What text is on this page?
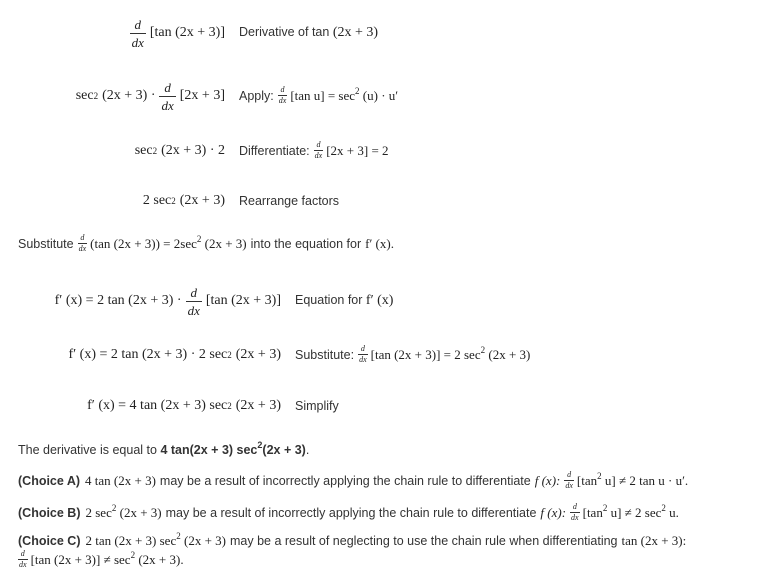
d
dx
[tan (2x + 3)] Derivative of tan (2x + 3)
sec 2 (2x + 3) ·
d
dx
[2x + 3] Apply: d
dx [tan $u] = \sec^2 (u) \cdot u'$
sec 2 (2x + 3) · 2 Differentiate: d
dx [2x + 3] = 2
2 sec 2 (2x + 3) Rearrange factors
Substitute d
dx (tan $(2x + 3)) = 2\sec^2$ (2x + 3) into the equation for f′ (x).
f′ (x) = 2 tan (2x + 3) ·
d
dx
[tan (2x + 3)] Equation for f′ (x)
f′ (x) = 2 tan (2x + 3) · 2 sec 2 (2x + 3) Substitute: d
dx [tan (2x + 3)] = 2 $\sec^2 (2x + 3)$
f′ (x) = 4 tan (2x + 3) sec 2 (2x + 3) Simplify
The derivative is equal to 4 tan(2x + 3) $\sec^2(2x + 3)$.
(Choice A) 4 tan (2x + 3) may be a result of incorrectly applying the chain rule to differentiate f (x): d
dx [$\tan^2$ u] ≠ 2 tan u · u′.
(Choice B) 2 $\sec^2 (2x + 3)$ may be a result of incorrectly applying the chain rule to differentiate f (x): d
dx [$\tan^2$ u] ≠ 2 $\sec^2 u$.
(Choice C) 2 tan (2x + 3) $\sec^2 (2x + 3)$ may be a result of neglecting to use the chain rule when differentiating tan (2x + 3):
d
dx [tan $(2x + 3)] \ne \sec^2 (2x + 3)$.
